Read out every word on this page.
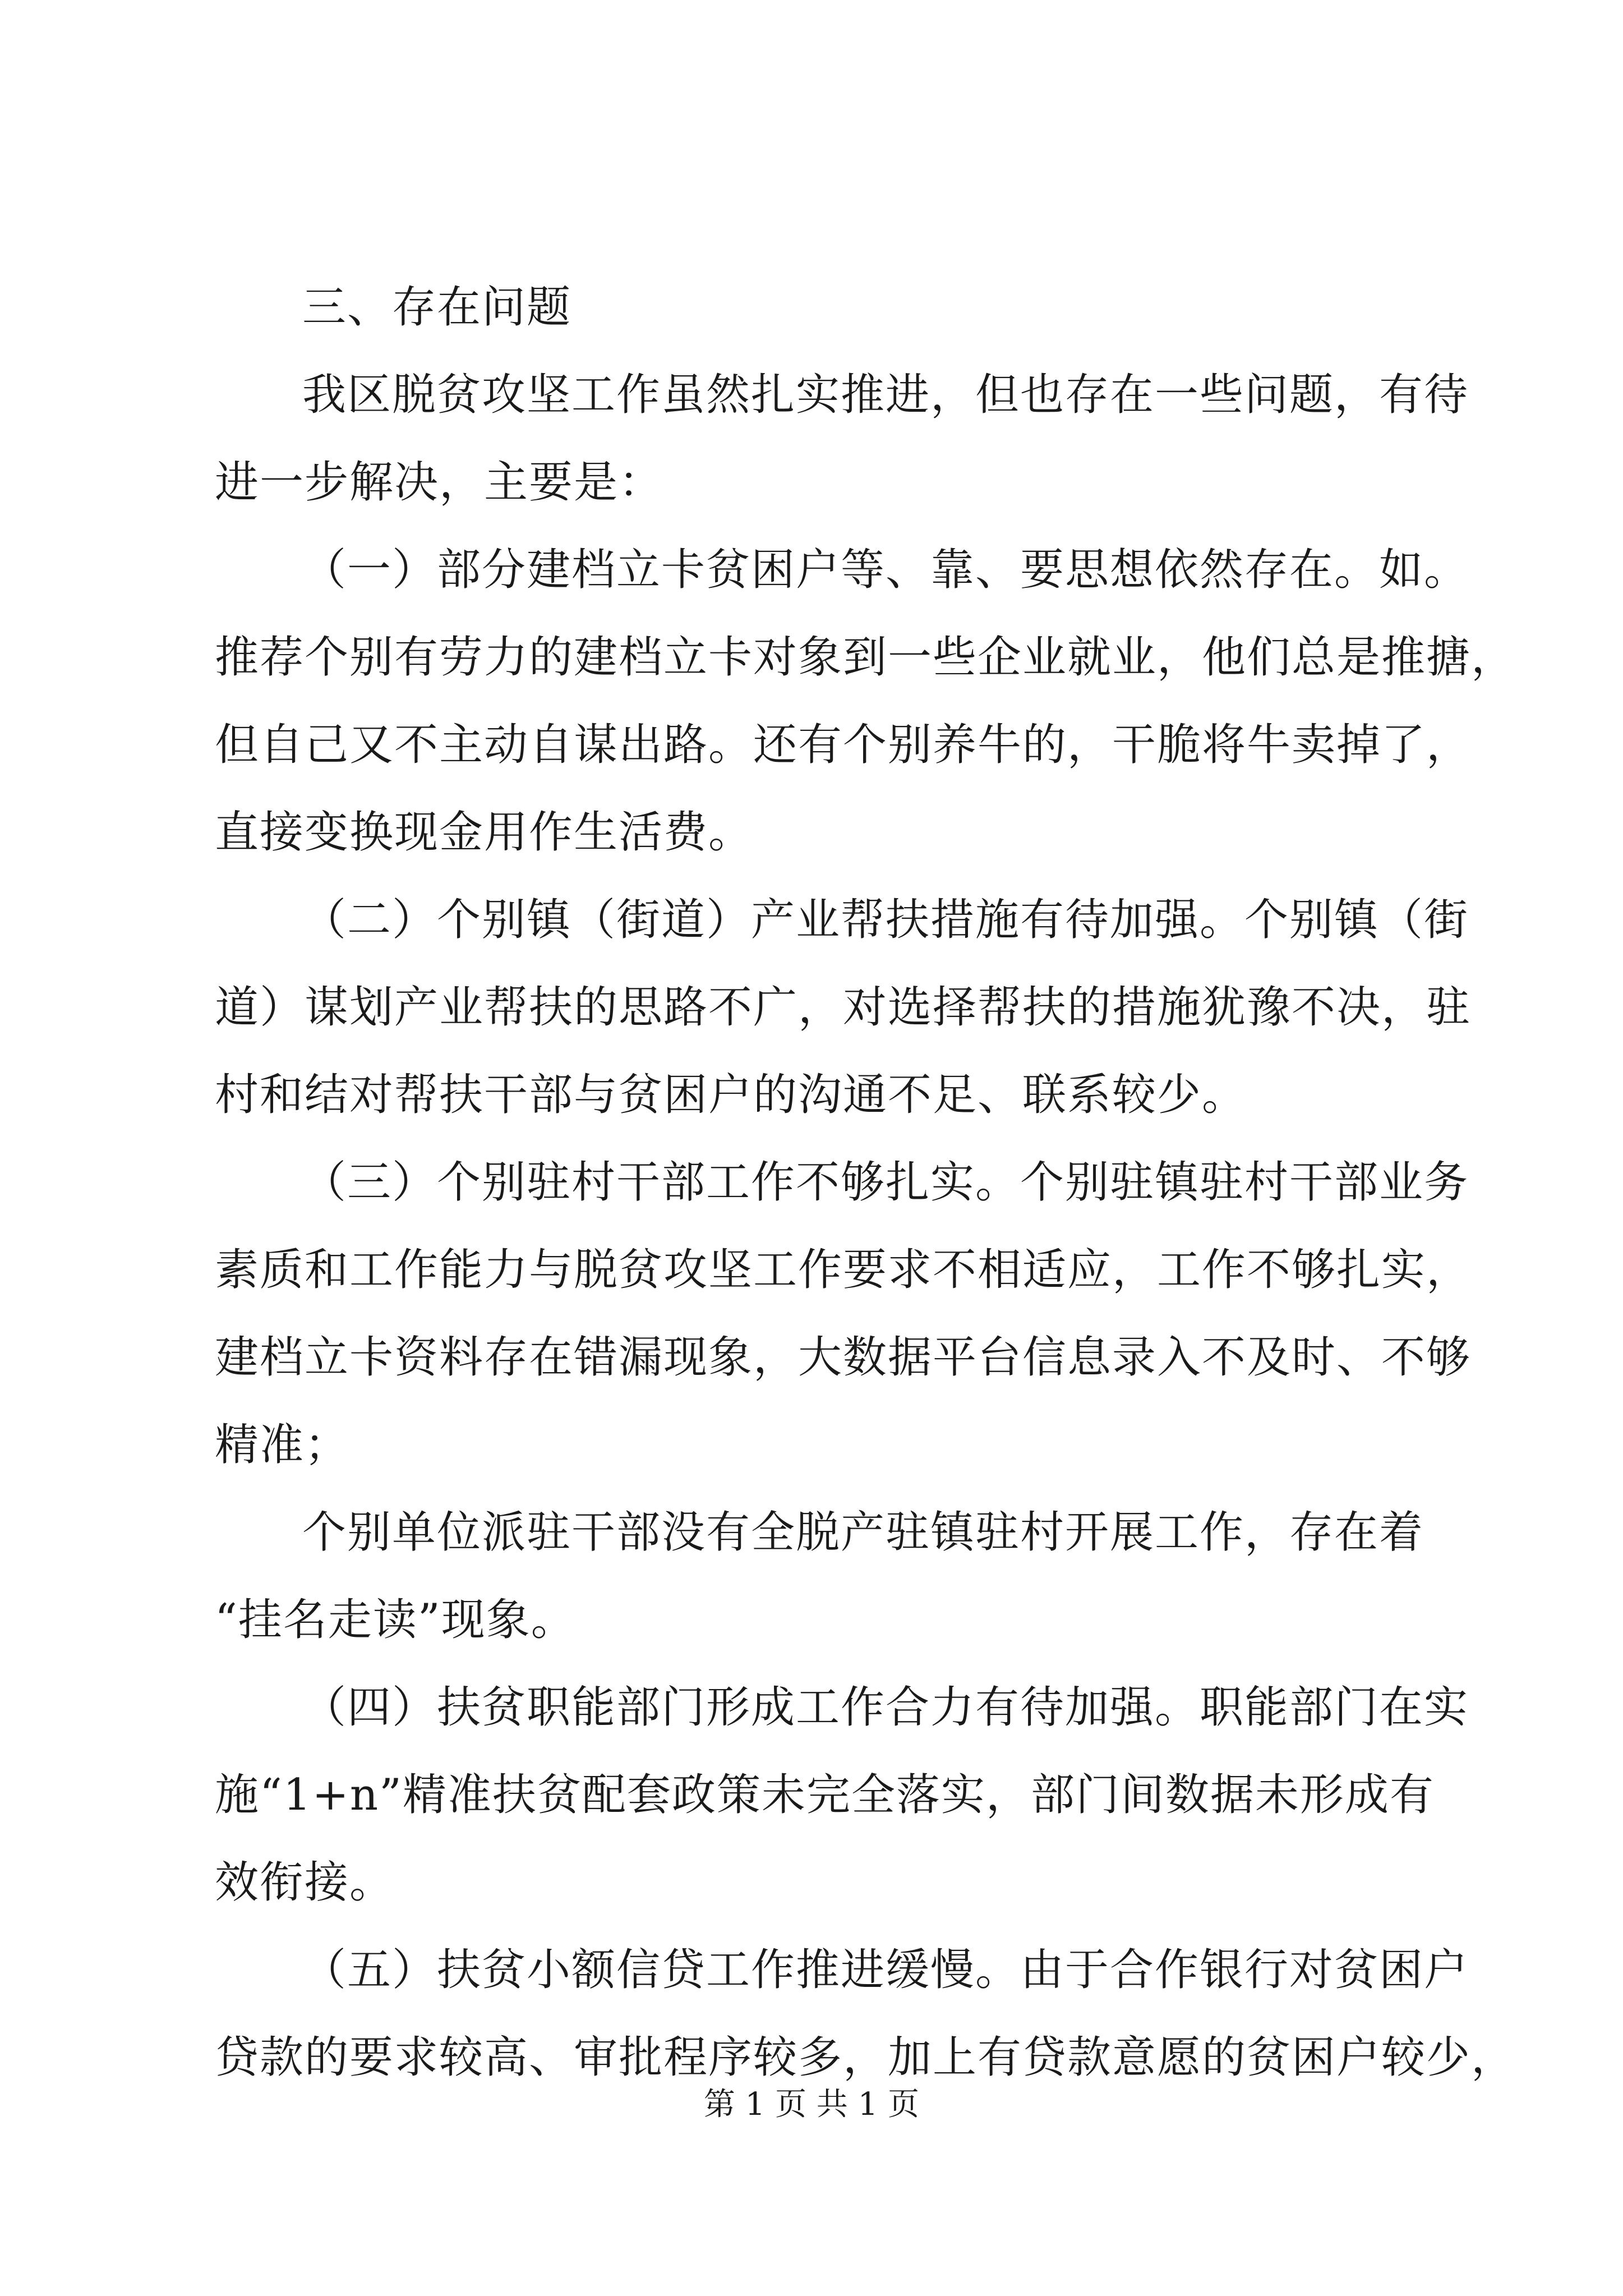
三、存在问题
我区脱贫攻坚工作虽然扎实推进，但也存在一些问题，有待
进一步解决，主要是：
（一）部分建档立卡贫困户等、靠、要思想依然存在。如。
推荐个别有劳力的建档立卡对象到一些企业就业，他们总是推搪，
但自己又不主动自谋出路。还有个别养牛的，干脆将牛卖掉了，
直接变换现金用作生活费。
（二）个别镇（街道）产业帮扶措施有待加强。个别镇（街
道）谋划产业帮扶的思路不广，对选择帮扶的措施犹豫不决，驻
村和结对帮扶干部与贫困户的沟通不足、联系较少。
（三）个别驻村干部工作不够扎实。个别驻镇驻村干部业务
素质和工作能力与脱贫攻坚工作要求不相适应，工作不够扎实，
建档立卡资料存在错漏现象，大数据平台信息录入不及时、不够
精准；
个别单位派驻干部没有全脱产驻镇驻村开展工作，存在着
“挂名走读”现象。
（四）扶贫职能部门形成工作合力有待加强。职能部门在实
施“1+n”精准扶贫配套政策未完全落实，部门间数据未形成有
效衔接。
（五）扶贫小额信贷工作推进缓慢。由于合作银行对贫困户
贷款的要求较高、审批程序较多，加上有贷款意愿的贫困户较少，
第 1 页 共 1 页
